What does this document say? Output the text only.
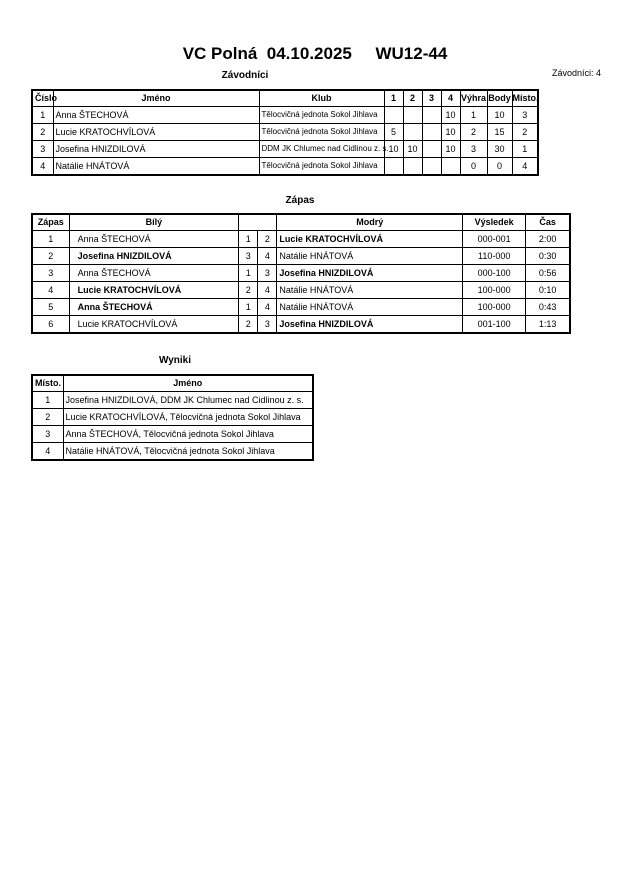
VC Polná  04.10.2025     WU12-44
Závodníci: 4
Závodníci
Číslo	Jméno	Klub	1	2	3	4	Výhra	Body	Místo.
1	Anna ŠTECHOVÁ	Tělocvičná jednota Sokol Jihlava				10	1	10	3
2	Lucie KRATOCHVÍLOVÁ	Tělocvičná jednota Sokol Jihlava	5			10	2	15	2
3	Josefina HNIZDILOVÁ	DDM JK Chlumec nad Cidlinou z. s.	10	10		10	3	30	1
4	Natálie HNÁTOVÁ	Tělocvičná jednota Sokol Jihlava					0	0	4
Zápas
Zápas	Bílý			Modrý	Výsledek	Čas
1	Anna ŠTECHOVÁ	1	2	Lucie KRATOCHVÍLOVÁ	000-001	2:00
2	Josefina HNIZDILOVÁ	3	4	Natálie HNÁTOVÁ	110-000	0:30
3	Anna ŠTECHOVÁ	1	3	Josefina HNIZDILOVÁ	000-100	0:56
4	Lucie KRATOCHVÍLOVÁ	2	4	Natálie HNÁTOVÁ	100-000	0:10
5	Anna ŠTECHOVÁ	1	4	Natálie HNÁTOVÁ	100-000	0:43
6	Lucie KRATOCHVÍLOVÁ	2	3	Josefina HNIZDILOVÁ	001-100	1:13
Wyniki
Místo.	Jméno
1	Josefina HNIZDILOVÁ, DDM JK Chlumec nad Cidlinou z. s.
2	Lucie KRATOCHVÍLOVÁ, Tělocvičná jednota Sokol Jihlava
3	Anna ŠTECHOVÁ, Tělocvičná jednota Sokol Jihlava
4	Natálie HNÁTOVÁ, Tělocvičná jednota Sokol Jihlava
